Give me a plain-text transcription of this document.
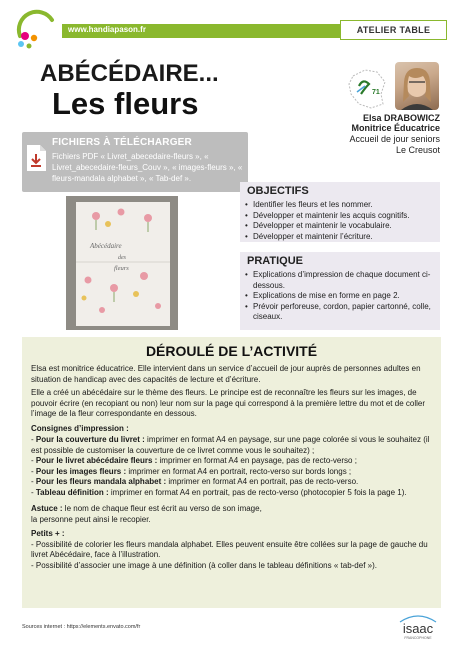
www.handiapason.fr	ATELIER TABLE
ABÉCÉDAIRE...
Les fleurs	71
Elsa DRABOWICZ
Monitrice Éducatrice
Accueil de jour seniors
Le Creusot
FICHIERS À TÉLÉCHARGER
Fichiers PDF « Livret_abecedaire-fleurs », « Livret_abecedaire-fleurs_Couv », « images-fleurs », « fleurs-mandala alphabet », « Tab-def ».
Abécédaire
des
fleurs
OBJECTIFS
• Identifier les fleurs et les nommer.
• Développer et maintenir les acquis cognitifs.
• Développer et maintenir le vocabulaire.
• Développer et maintenir l’écriture.
PRATIQUE
• Explications d’impression de chaque document ci-dessous.
• Explications de mise en forme en page 2.
• Prévoir perforeuse, cordon, papier cartonné, colle, ciseaux.
DÉROULÉ DE L’ACTIVITÉ

Elsa est monitrice éducatrice. Elle intervient dans un service d’accueil de jour auprès de personnes adultes en situation de handicap avec des capacités de lecture et d’écriture.

Elle a créé un abécédaire sur le thème des fleurs. Le principe est de reconnaître les fleurs sur les images, de pouvoir écrire (en recopiant ou non) leur nom sur la page qui correspond à la première lettre du mot et de coller l’image de la fleur correspondante en dessous.

Consignes d’impression :

- Pour la couverture du livret : imprimer en format A4 en paysage, sur une page colorée si vous le souhaitez (il est possible de customiser la couverture de ce livret comme vous le souhaitez) ;
- Pour le livret abécédaire fleurs : imprimer en format A4 en paysage, pas de recto-verso ;
- Pour les images fleurs : imprimer en format A4 en portrait, recto-verso sur bords longs ;
- Pour les fleurs mandala alphabet : imprimer en format A4 en portrait, pas de recto-verso.
- Tableau définition : imprimer en format A4 en portrait, pas de recto-verso (photocopier 5 fois la page 1).

Astuce : le nom de chaque fleur est écrit au verso de son image,

la personne peut ainsi le recopier.

Petits + :

- Possibilité de colorier les fleurs mandala alphabet. Elles peuvent ensuite être collées sur la page de gauche du livret Abécédaire, face à l’illustration.
- Possibilité d’associer une image à une définition (à coller dans le tableau définitions « tab-def »).
Sources internet : https://elements.envato.com/fr	isaac
FRANCOPHONE
